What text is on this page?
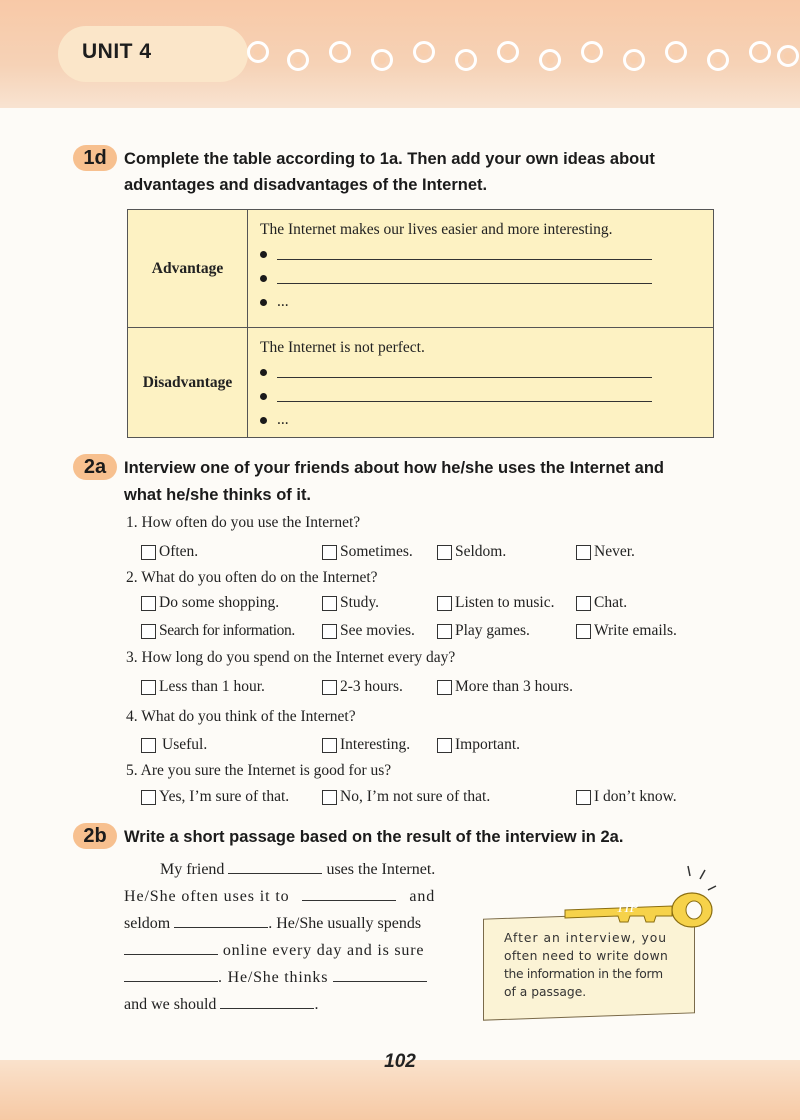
UNIT 4
1d	Complete the table according to 1a. Then add your own ideas about
advantages and disadvantages of the Internet.
Advantage	The Internet makes our lives easier and more interesting.
...

Disadvantage	The Internet is not perfect.
...
2a	Interview one of your friends about how he/she uses the Internet and
what he/she thinks of it.
1. How often do you use the Internet?
Often.	Sometimes.	Seldom.	Never.
2. What do you often do on the Internet?
Do some shopping.	Study.	Listen to music.	Chat.
Search for information.	See movies.	Play games.	Write emails.
3. How long do you spend on the Internet every day?
Less than 1 hour.	2-3 hours.	More than 3 hours.
4. What do you think of the Internet?
Useful.	Interesting.	Important.
5. Are you sure the Internet is good for us?
Yes, I’m sure of that.	No, I’m not sure of that.	I don’t know.
2b	Write a short passage based on the result of the interview in 2a.
My friend	uses the Internet.
He/She often uses it to	and
seldom	. He/She usually spends
online every day and is sure
. He/She thinks
and we should	.
TIP
After an interview, you
often need to write down
the information in the form
of a passage.
102
